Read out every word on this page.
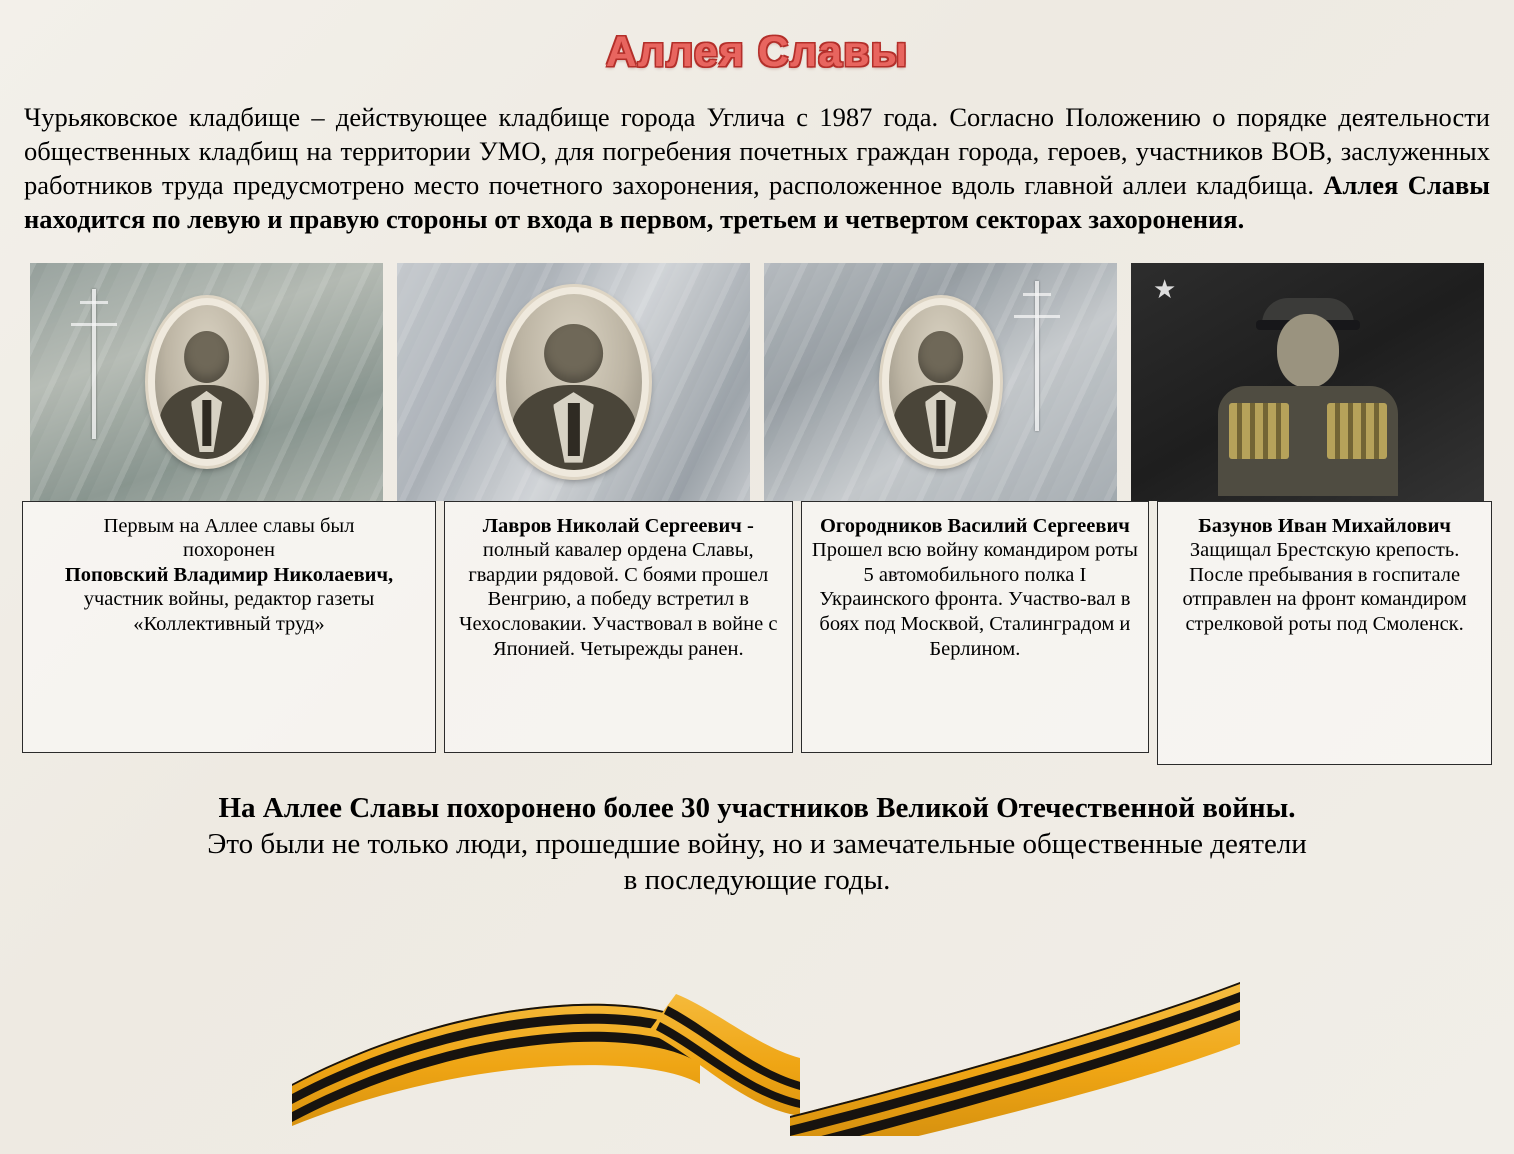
Аллея Славы

Чурьяковское кладбище – действующее кладбище города Углича с 1987 года. Согласно Положению о порядке деятельности общественных кладбищ на территории УМО, для погребения почетных граждан города, героев, участников ВОВ, заслуженных работников труда предусмотрено место почетного захоронения, расположенное вдоль главной аллеи кладбища. Аллея Славы находится по левую и правую стороны от входа в первом, третьем и четвертом секторах захоронения.

★
Первым на Аллее славы был
похоронен
Поповский Владимир Николаевич,
участник войны, редактор газеты
«Коллективный труд»
Лавров Николай Сергеевич -
полный кавалер ордена Славы, гвардии рядовой. С боями прошел Венгрию, а победу встретил в Чехословакии. Участвовал в войне с Японией. Четырежды ранен.
Огородников Василий Сергеевич
Прошел всю войну командиром роты 5 автомобильного полка I Украинского фронта. Участво-вал в боях под Москвой, Сталинградом и Берлином.
Базунов Иван Михайлович
Защищал Брестскую крепость. После пребывания в госпитале отправлен на фронт командиром стрелковой роты под Смоленск.
На Аллее Славы похоронено более 30 участников Великой Отечественной войны.
Это были не только люди, прошедшие войну, но и замечательные общественные деятели
в последующие годы.
